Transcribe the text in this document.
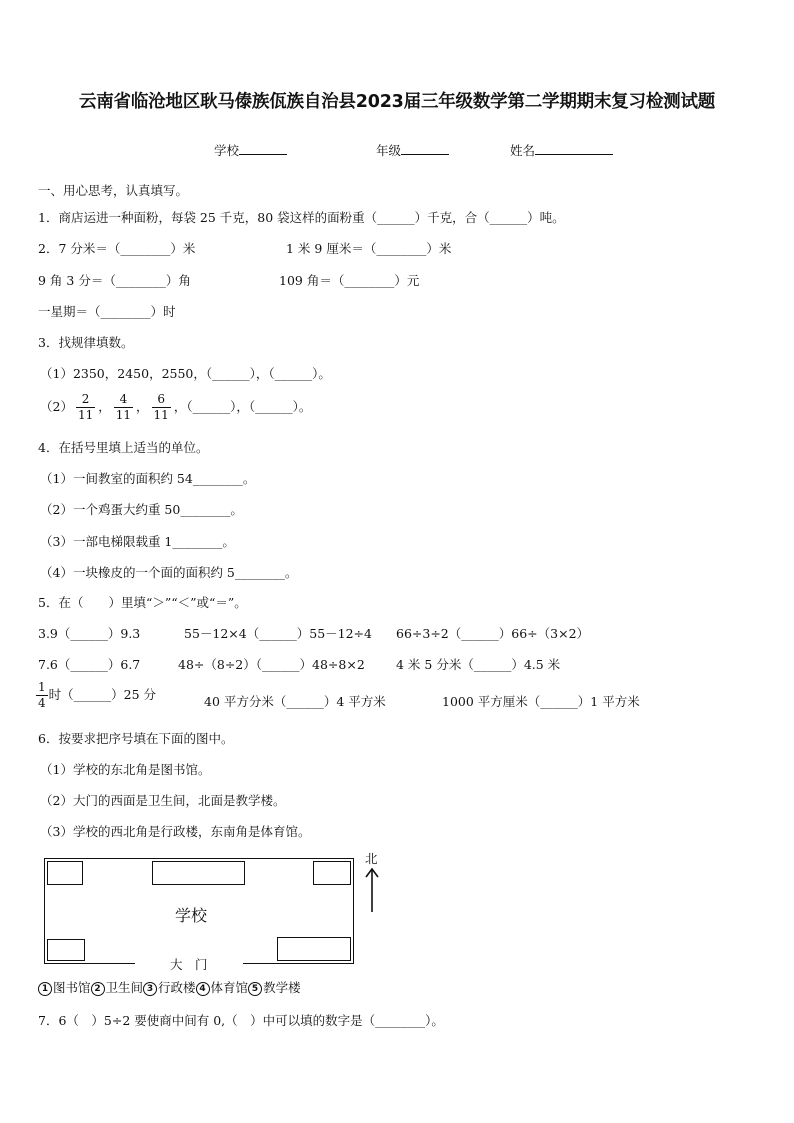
云南省临沧地区耿马傣族佤族自治县2023届三年级数学第二学期期末复习检测试题
学校	年级	姓名
一、用心思考，认真填写。
1．商店运进一种面粉，每袋 25 千克，80 袋这样的面粉重（______）千克，合（______）吨。
2．7 分米＝（________）米	1 米 9 厘米＝（________）米
9 角 3 分＝（________）角	109 角＝（________）元
一星期＝（________）时
3．找规律填数。
（1）2350，2450，2550，（______），（______）。
$(2) \frac{2}{11}$ ， $\frac{4}{11}$ ， $\frac{6}{11}$ ，（______），（______）。
4．在括号里填上适当的单位。
（1）一间教室的面积约 54________。
（2）一个鸡蛋大约重 50________。
（3）一部电梯限载重 1________。
（4）一块橡皮的一个面的面积约 5________。
5．在（　　）里填“＞”“＜”或“＝”。
3.9（______）9.3	55－12×4（______）55－12÷4 66÷3÷2（______）66÷（3×2）
7.6（______）6.7	48÷（8÷2）（______）48÷8×2 4 米 5 分米（______）4.5 米
$\frac{1}{4}$ 时（______）25 分	40 平方分米（______）4 平方米	1000 平方厘米（______）1 平方米
6．按要求把序号填在下面的图中。
（1）学校的东北角是图书馆。
（2）大门的西面是卫生间，北面是教学楼。
（3）学校的西北角是行政楼，东南角是体育馆。
学校
大　门
北
1 图书馆 2 卫生间 3 行政楼 4 体育馆 5 教学楼
7．6（　）5÷2 要使商中间有 0,（　）中可以填的数字是（________）。
